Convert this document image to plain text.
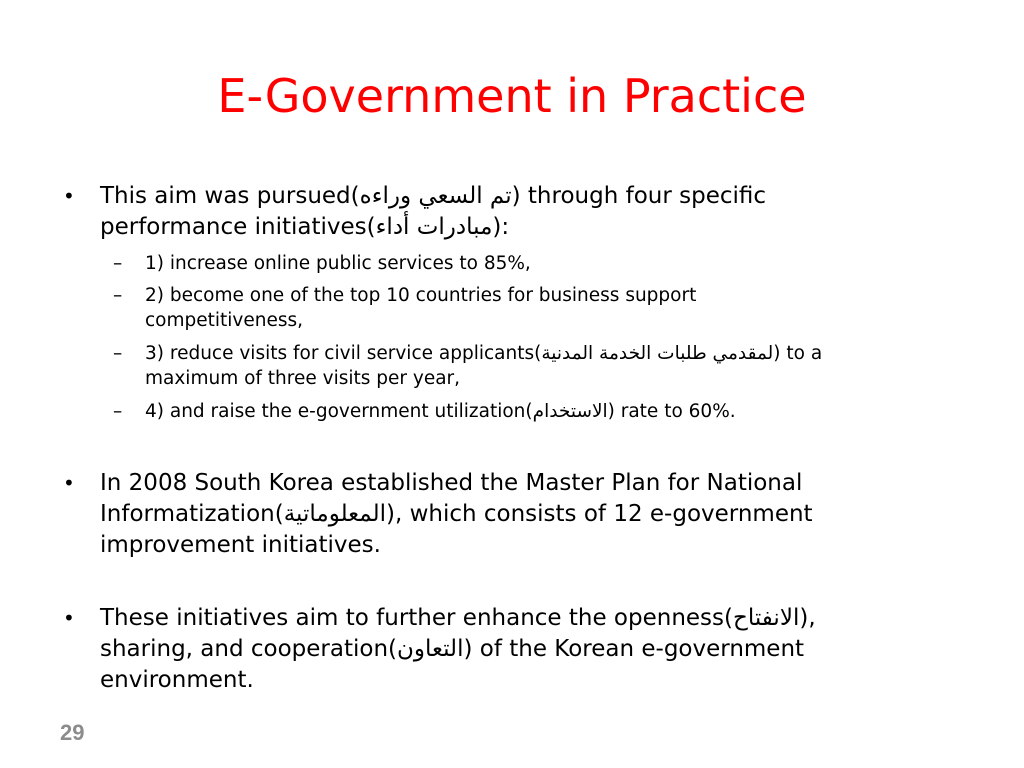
E-Government in Practice
• This aim was pursued(تم السعي وراءه) through four specific
performance initiatives(مبادرات أداء):
– 1) increase online public services to 85%,
– 2) become one of the top 10 countries for business support
competitiveness,
– 3) reduce visits for civil service applicants(لمقدمي طلبات الخدمة المدنية) to a
maximum of three visits per year,
– 4) and raise the e-government utilization(الاستخدام) rate to 60%.
• In 2008 South Korea established the Master Plan for National
Informatization(المعلوماتية), which consists of 12 e-government
improvement initiatives.
• These initiatives aim to further enhance the openness(الانفتاح),
sharing, and cooperation(التعاون) of the Korean e-government
environment.
29
